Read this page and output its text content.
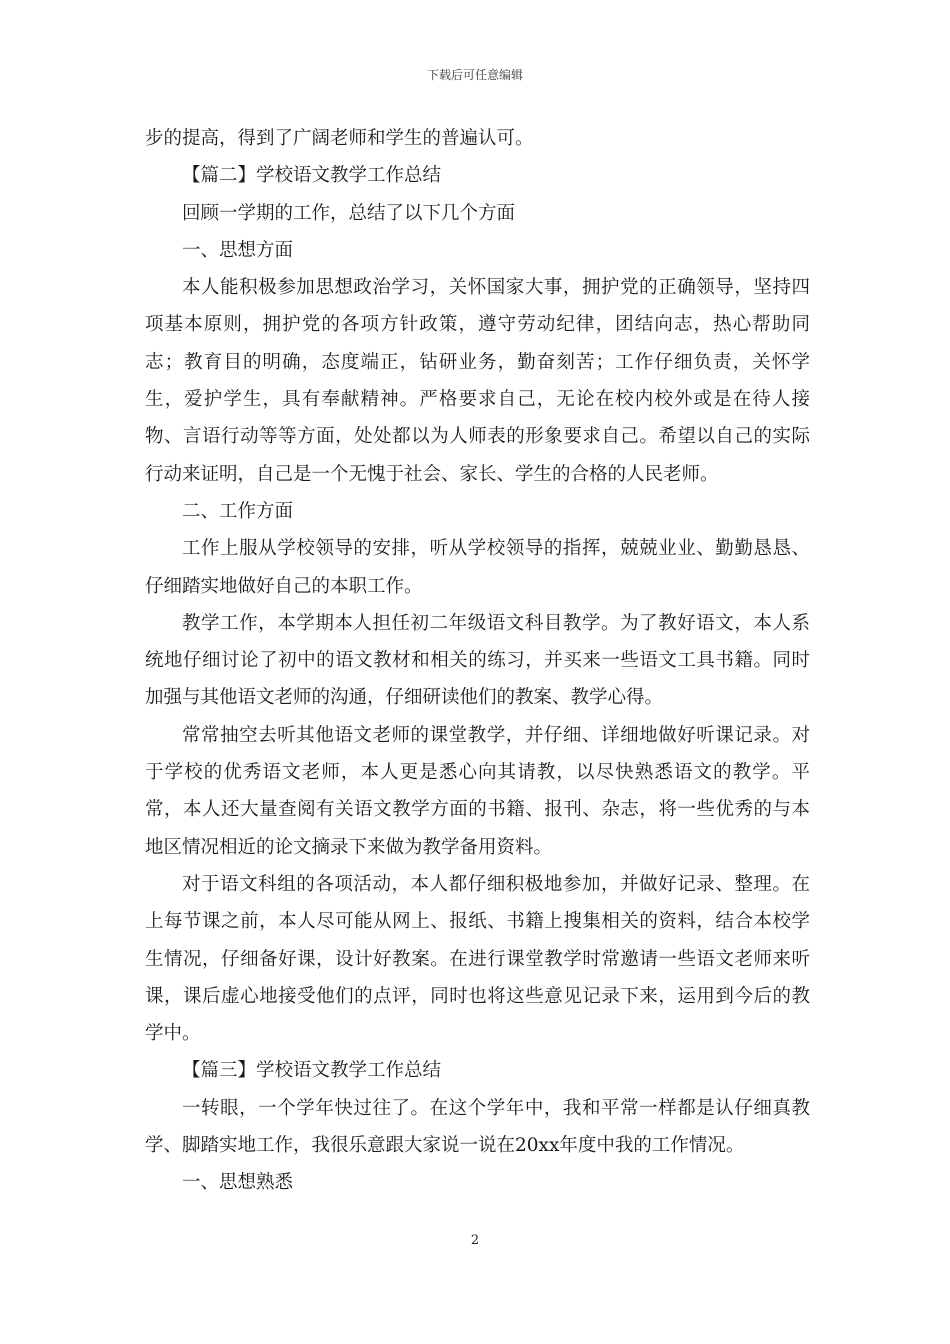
下载后可任意编辑

步的提高，得到了广阔老师和学生的普遍认可。

【篇二】学校语文教学工作总结

回顾一学期的工作，总结了以下几个方面

一、思想方面

本人能积极参加思想政治学习，关怀国家大事，拥护党的正确领导，坚持四项基本原则，拥护党的各项方针政策，遵守劳动纪律，团结向志，热心帮助同志；教育目的明确，态度端正，钻研业务，勤奋刻苦；工作仔细负责，关怀学生，爱护学生，具有奉献精神。严格要求自己，无论在校内校外或是在待人接物、言语行动等等方面，处处都以为人师表的形象要求自己。希望以自己的实际行动来证明，自己是一个无愧于社会、家长、学生的合格的人民老师。

二、工作方面

工作上服从学校领导的安排，听从学校领导的指挥，兢兢业业、勤勤恳恳、仔细踏实地做好自己的本职工作。

教学工作，本学期本人担任初二年级语文科目教学。为了教好语文，本人系统地仔细讨论了初中的语文教材和相关的练习，并买来一些语文工具书籍。同时加强与其他语文老师的沟通，仔细研读他们的教案、教学心得。

常常抽空去听其他语文老师的课堂教学，并仔细、详细地做好听课记录。对于学校的优秀语文老师，本人更是悉心向其请教，以尽快熟悉语文的教学。平常，本人还大量查阅有关语文教学方面的书籍、报刊、杂志，将一些优秀的与本地区情况相近的论文摘录下来做为教学备用资料。

对于语文科组的各项活动，本人都仔细积极地参加，并做好记录、整理。在上每节课之前，本人尽可能从网上、报纸、书籍上搜集相关的资料，结合本校学生情况，仔细备好课，设计好教案。在进行课堂教学时常邀请一些语文老师来听课，课后虚心地接受他们的点评，同时也将这些意见记录下来，运用到今后的教学中。

【篇三】学校语文教学工作总结

一转眼，一个学年快过往了。在这个学年中，我和平常一样都是认仔细真教学、脚踏实地工作，我很乐意跟大家说一说在20xx年度中我的工作情况。

一、思想熟悉

2
